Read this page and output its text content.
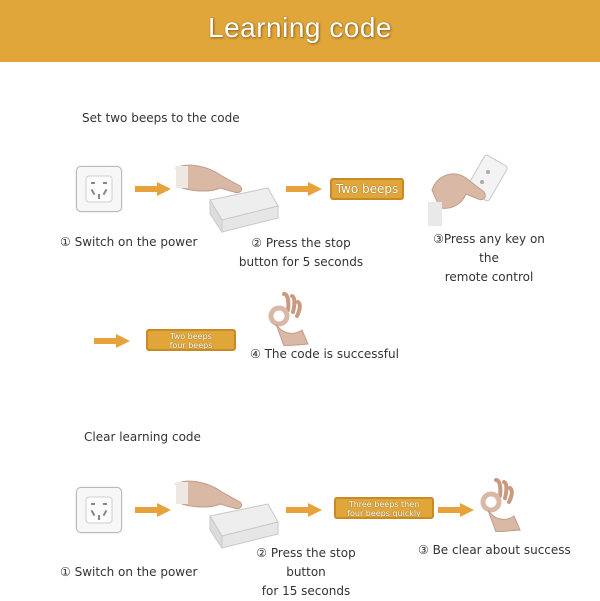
Learning code
Set two beeps to the code
① Switch on the power	② Press the stop
button for 5 seconds
Two beeps
③Press any key on the
remote control
Two beeps
four beeps
④ The code is successful
Clear learning code
① Switch on the power
② Press the stop button
for 15 seconds
Three beeps then
four beeps quickly
③ Be clear about success
